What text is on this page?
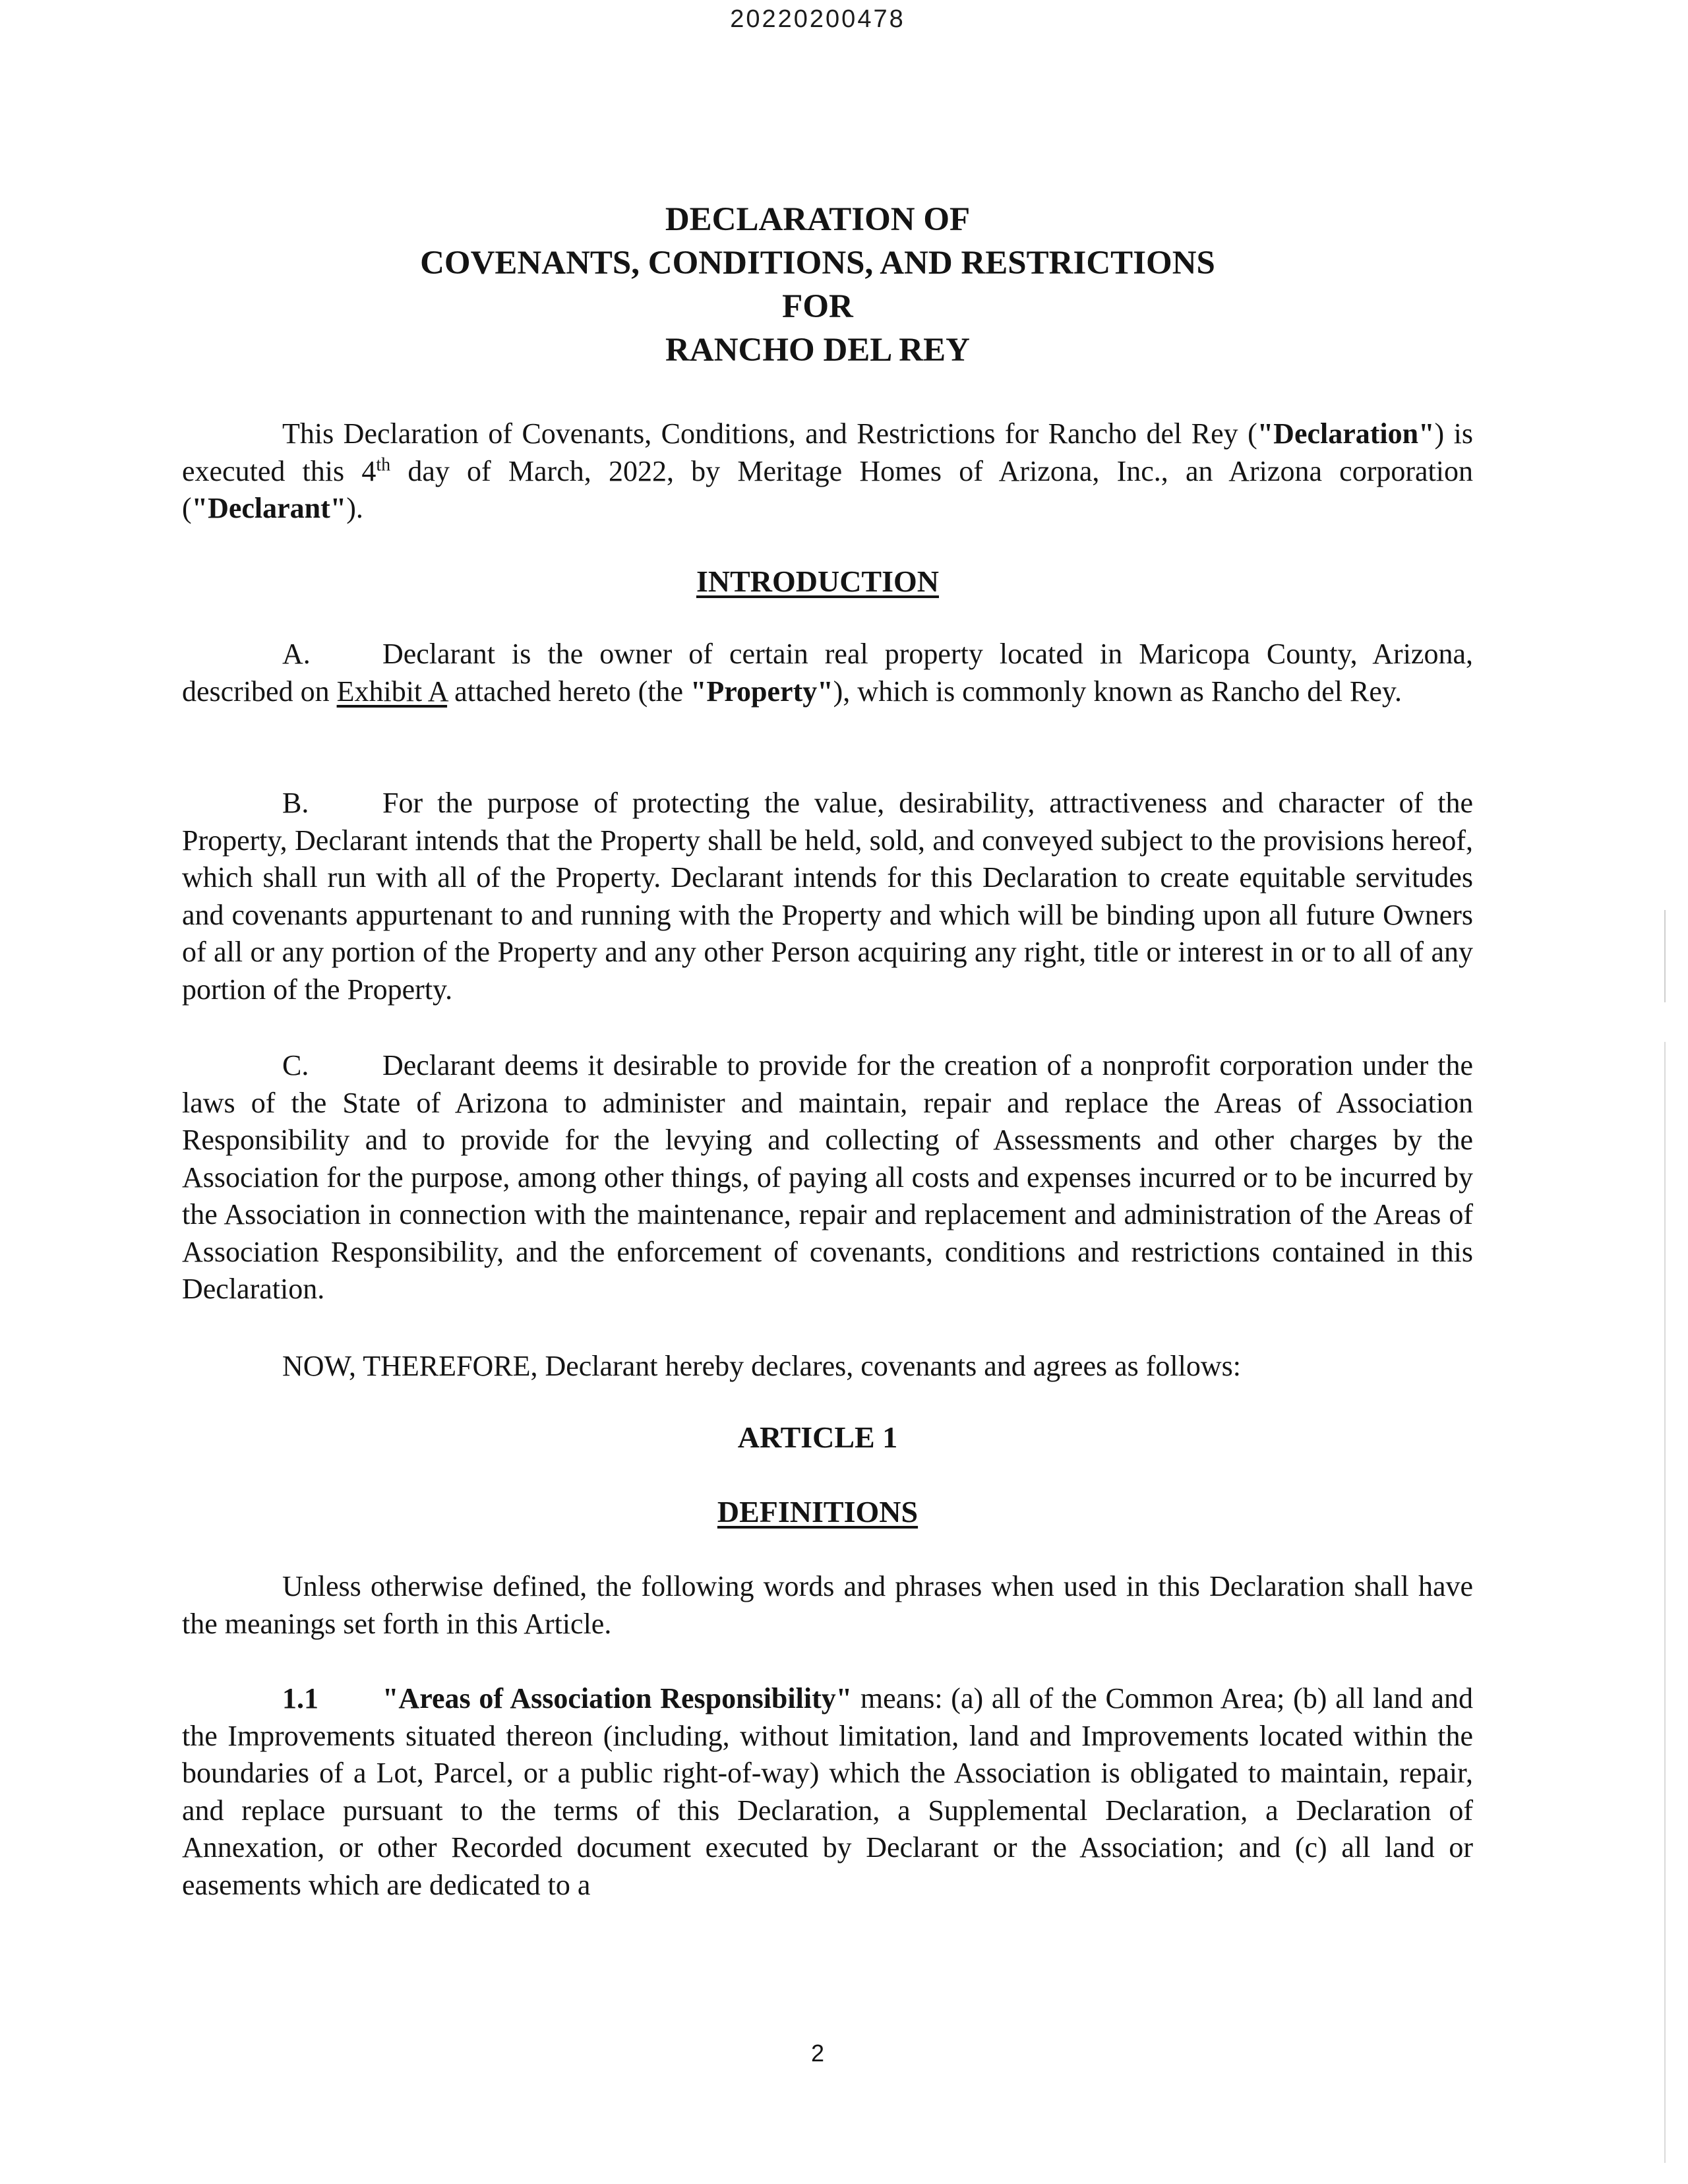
20220200478
DECLARATION OF
COVENANTS, CONDITIONS, AND RESTRICTIONS
FOR
RANCHO DEL REY

This Declaration of Covenants, Conditions, and Restrictions for Rancho del Rey ("Declaration") is executed this 4th day of March, 2022, by Meritage Homes of Arizona, Inc., an Arizona corporation ("Declarant").

INTRODUCTION

A. Declarant is the owner of certain real property located in Maricopa County, Arizona, described on Exhibit A attached hereto (the "Property"), which is commonly known as Rancho del Rey.

B.	For the purpose of protecting the value, desirability, attractiveness and character of the Property, Declarant intends that the Property shall be held, sold, and conveyed subject to the provisions hereof, which shall run with all of the Property. Declarant intends for this Declaration to create equitable servitudes and covenants appurtenant to and running with the Property and which will be binding upon all future Owners of all or any portion of the Property and any other Person acquiring any right, title or interest in or to all of any portion of the Property.

C.	Declarant deems it desirable to provide for the creation of a nonprofit corporation under the laws of the State of Arizona to administer and maintain, repair and replace the Areas of Association Responsibility and to provide for the levying and collecting of Assessments and other charges by the Association for the purpose, among other things, of paying all costs and expenses incurred or to be incurred by the Association in connection with the maintenance, repair and replacement and administration of the Areas of Association Responsibility, and the enforcement of covenants, conditions and restrictions contained in this Declaration.

NOW, THEREFORE, Declarant hereby declares, covenants and agrees as follows:

ARTICLE 1
DEFINITIONS

Unless otherwise defined, the following words and phrases when used in this Declaration shall have the meanings set forth in this Article.

1.1 "Areas of Association Responsibility" means: (a) all of the Common Area; (b) all land and the Improvements situated thereon (including, without limitation, land and Improvements located within the boundaries of a Lot, Parcel, or a public right-of-way) which the Association is obligated to maintain, repair, and replace pursuant to the terms of this Declaration, a Supplemental Declaration, a Declaration of Annexation, or other Recorded document executed by Declarant or the Association; and (c) all land or easements which are dedicated to a

2
